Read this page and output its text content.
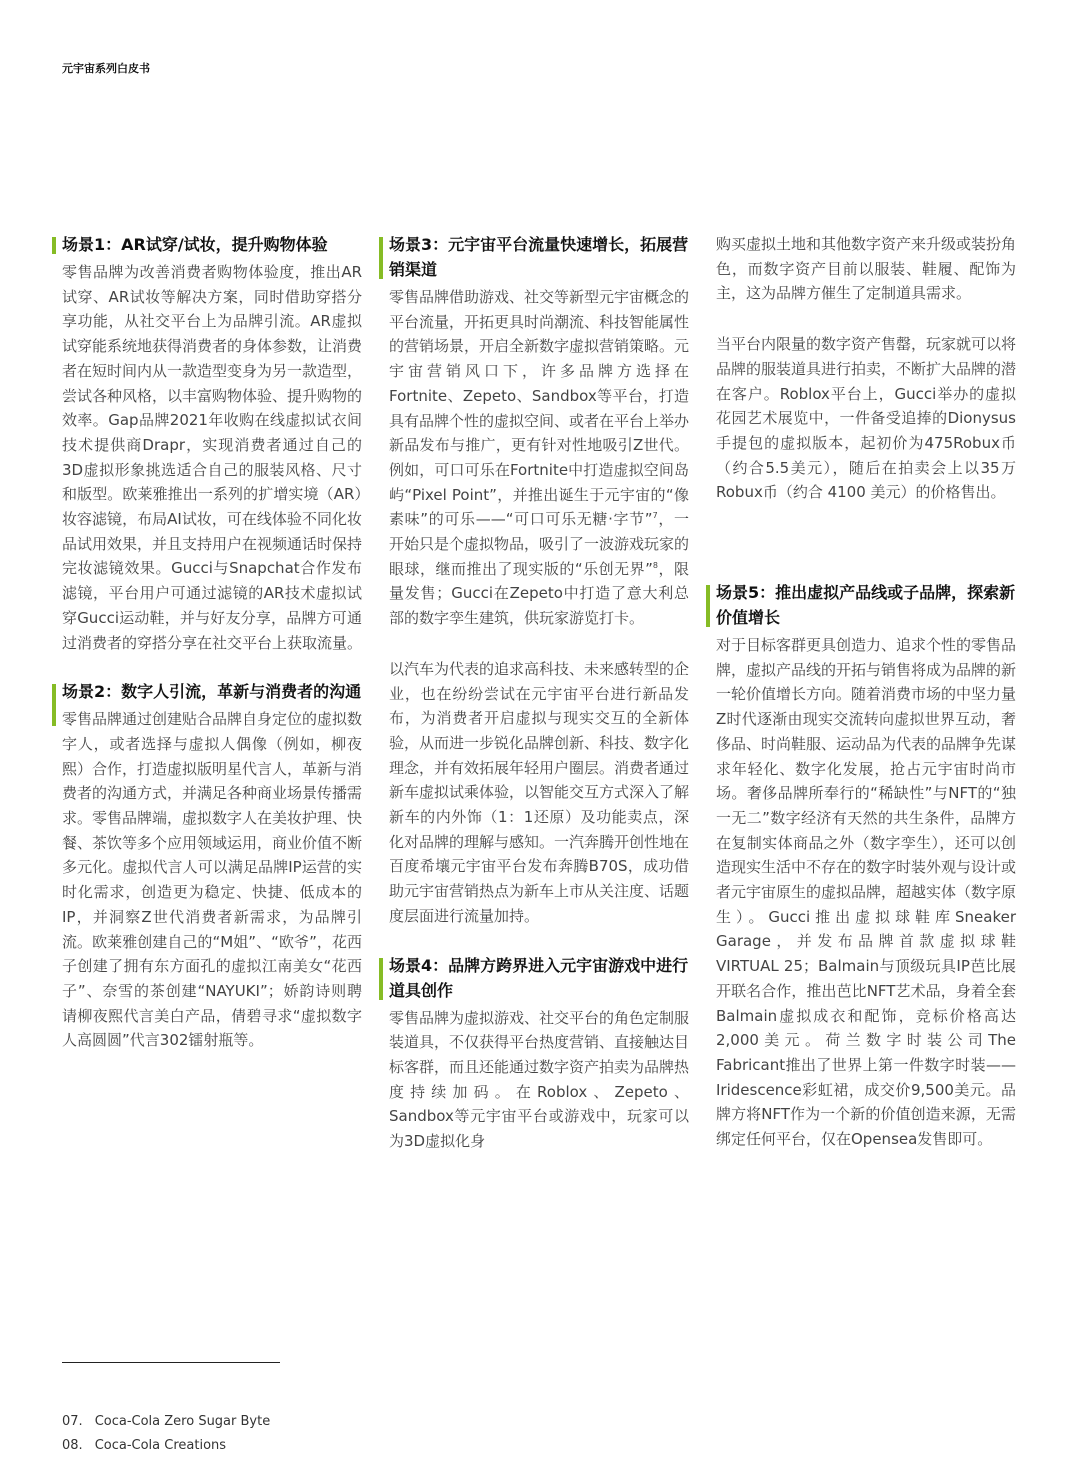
元宇宙系列白皮书
场景1：AR试穿/试妆，提升购物体验

零售品牌为改善消费者购物体验度，推出AR试穿、AR试妆等解决方案，同时借助穿搭分享功能，从社交平台上为品牌引流。AR虚拟试穿能系统地获得消费者的身体参数，让消费者在短时间内从一款造型变身为另一款造型，尝试各种风格，以丰富购物体验、提升购物的效率。Gap品牌2021年收购在线虚拟试衣间技术提供商Drapr，实现消费者通过自己的3D虚拟形象挑选适合自己的服装风格、尺寸和版型。欧莱雅推出一系列的扩增实境（AR）妆容滤镜，布局AI试妆，可在线体验不同化妆品试用效果，并且支持用户在视频通话时保持完妆滤镜效果。Gucci与Snapchat合作发布滤镜，平台用户可通过滤镜的AR技术虚拟试穿Gucci运动鞋，并与好友分享，品牌方可通过消费者的穿搭分享在社交平台上获取流量。

场景2：数字人引流，革新与消费者的沟通

零售品牌通过创建贴合品牌自身定位的虚拟数字人，或者选择与虚拟人偶像（例如，柳夜熙）合作，打造虚拟版明星代言人，革新与消费者的沟通方式，并满足各种商业场景传播需求。零售品牌端，虚拟数字人在美妆护理、快餐、茶饮等多个应用领域运用，商业价值不断多元化。虚拟代言人可以满足品牌IP运营的实时化需求，创造更为稳定、快捷、低成本的IP，并洞察Z世代消费者新需求，为品牌引流。欧莱雅创建自己的“M姐”、“欧爷”，花西子创建了拥有东方面孔的虚拟江南美女“花西子”、奈雪的茶创建“NAYUKI”；娇韵诗则聘请柳夜熙代言美白产品，倩碧寻求“虚拟数字人高圆圆”代言302镭射瓶等。

场景3：元宇宙平台流量快速增长，拓展营销渠道

零售品牌借助游戏、社交等新型元宇宙概念的平台流量，开拓更具时尚潮流、科技智能属性的营销场景，开启全新数字虚拟营销策略。元宇宙营销风口下，许多品牌方选择在Fortnite、Zepeto、Sandbox等平台，打造具有品牌个性的虚拟空间、或者在平台上举办新品发布与推广，更有针对性地吸引Z世代。例如，可口可乐在Fortnite中打造虚拟空间岛屿“Pixel Point”，并推出诞生于元宇宙的“像素味”的可乐——“可口可乐无糖·字节”$^7$，一开始只是个虚拟物品，吸引了一波游戏玩家的眼球，继而推出了现实版的“乐创无界”$^8$，限量发售；Gucci在Zepeto中打造了意大利总部的数字孪生建筑，供玩家游览打卡。

以汽车为代表的追求高科技、未来感转型的企业，也在纷纷尝试在元宇宙平台进行新品发布，为消费者开启虚拟与现实交互的全新体验，从而进一步锐化品牌创新、科技、数字化理念，并有效拓展年轻用户圈层。消费者通过新车虚拟试乘体验，以智能交互方式深入了解新车的内外饰（1：1还原）及功能卖点，深化对品牌的理解与感知。一汽奔腾开创性地在百度希壤元宇宙平台发布奔腾B70S，成功借助元宇宙营销热点为新车上市从关注度、话题度层面进行流量加持。

场景4：品牌方跨界进入元宇宙游戏中进行道具创作

零售品牌为虚拟游戏、社交平台的角色定制服装道具，不仅获得平台热度营销、直接触达目标客群，而且还能通过数字资产拍卖为品牌热度持续加码。在Roblox、Zepeto、Sandbox等元宇宙平台或游戏中，玩家可以为3D虚拟化身

购买虚拟土地和其他数字资产来升级或装扮角色，而数字资产目前以服装、鞋履、配饰为主，这为品牌方催生了定制道具需求。

当平台内限量的数字资产售罄，玩家就可以将品牌的服装道具进行拍卖，不断扩大品牌的潜在客户。Roblox平台上，Gucci举办的虚拟花园艺术展览中，一件备受追捧的Dionysus 手提包的虚拟版本，起初价为475Robux币（约合5.5美元），随后在拍卖会上以35万Robux币（约合 4100 美元）的价格售出。

场景5：推出虚拟产品线或子品牌，探索新价值增长

对于目标客群更具创造力、追求个性的零售品牌，虚拟产品线的开拓与销售将成为品牌的新一轮价值增长方向。随着消费市场的中坚力量Z时代逐渐由现实交流转向虚拟世界互动，奢侈品、时尚鞋服、运动品为代表的品牌争先谋求年轻化、数字化发展，抢占元宇宙时尚市场。奢侈品牌所奉行的“稀缺性”与NFT的“独一无二”数字经济有天然的共生条件，品牌方在复制实体商品之外（数字孪生），还可以创造现实生活中不存在的数字时装外观与设计或者元宇宙原生的虚拟品牌，超越实体（数字原生）。Gucci推出虚拟球鞋库Sneaker Garage，并发布品牌首款虚拟球鞋 VIRTUAL 25；Balmain与顶级玩具IP芭比展开联名合作，推出芭比NFT艺术品，身着全套Balmain虚拟成衣和配饰，竞标价格高达2,000美元。荷兰数字时装公司The Fabricant推出了世界上第一件数字时装——Iridescence彩虹裙，成交价9,500美元。品牌方将NFT作为一个新的价值创造来源，无需绑定任何平台，仅在Opensea发售即可。

07. Coca-Cola Zero Sugar Byte
08. Coca-Cola Creations
